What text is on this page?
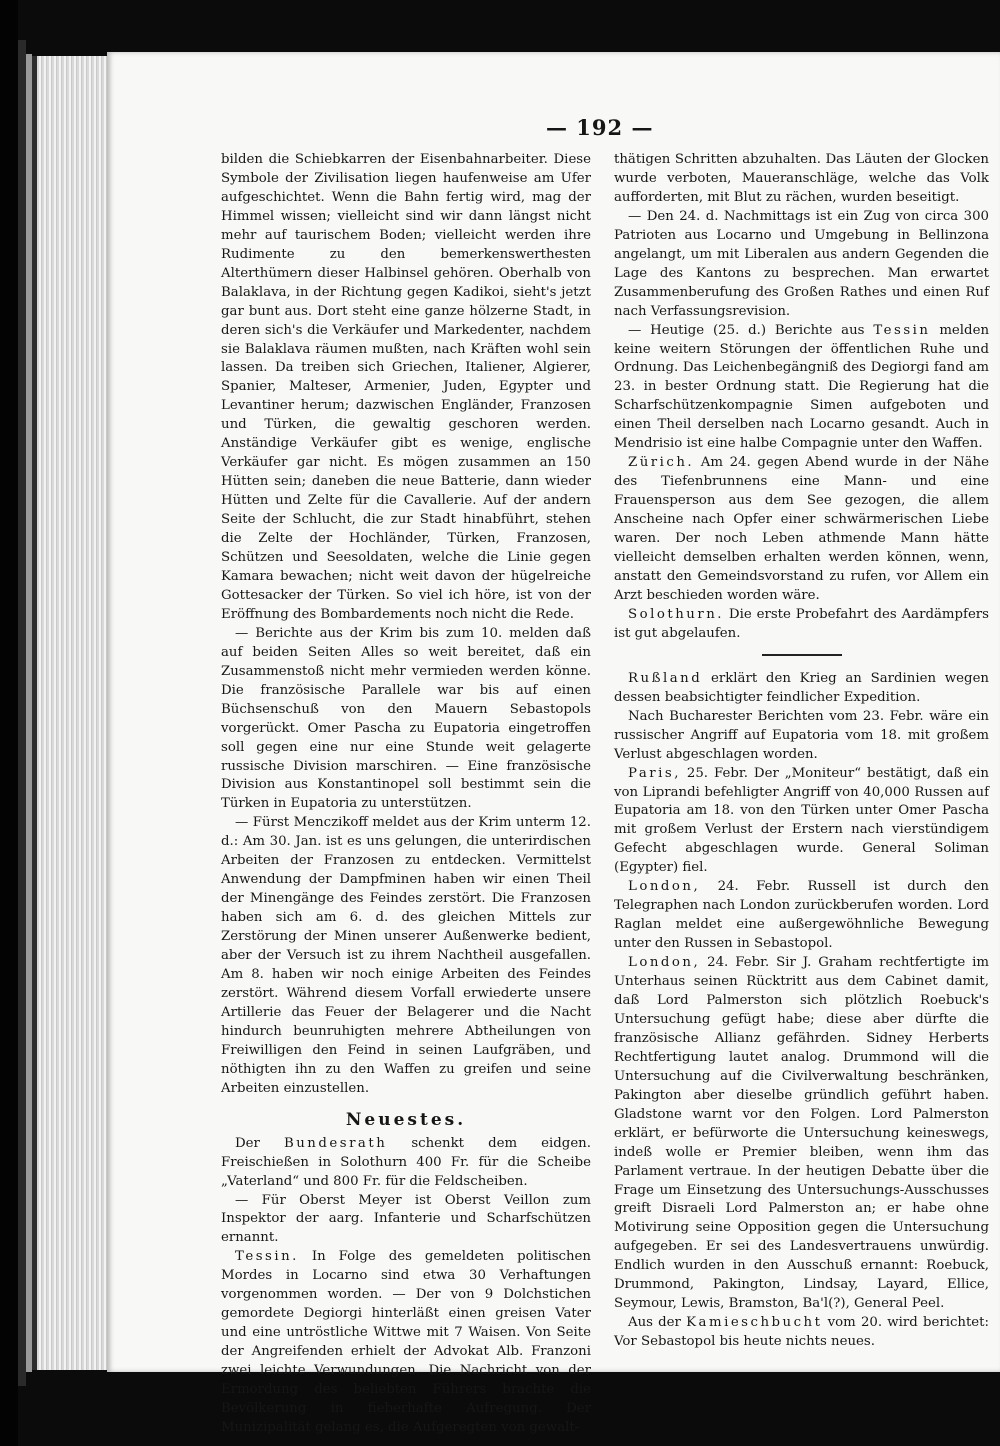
— 192 —

bilden die Schiebkarren der Eisenbahnarbeiter. Diese Symbole der Zivilisation liegen haufenweise am Ufer aufgeschichtet. Wenn die Bahn fertig wird, mag der Himmel wissen; vielleicht sind wir dann längst nicht mehr auf taurischem Boden; vielleicht werden ihre Rudimente zu den bemerkenswerthesten Alterthümern dieser Halbinsel gehören. Oberhalb von Balaklava, in der Richtung gegen Kadikoi, sieht's jetzt gar bunt aus. Dort steht eine ganze hölzerne Stadt, in deren sich's die Verkäufer und Markedenter, nachdem sie Balaklava räumen mußten, nach Kräften wohl sein lassen. Da treiben sich Griechen, Italiener, Algierer, Spanier, Malteser, Armenier, Juden, Egypter und Levantiner herum; dazwischen Engländer, Franzosen und Türken, die gewaltig geschoren werden. Anständige Verkäufer gibt es wenige, englische Verkäufer gar nicht. Es mögen zusammen an 150 Hütten sein; daneben die neue Batterie, dann wieder Hütten und Zelte für die Cavallerie. Auf der andern Seite der Schlucht, die zur Stadt hinabführt, stehen die Zelte der Hochländer, Türken, Franzosen, Schützen und Seesoldaten, welche die Linie gegen Kamara bewachen; nicht weit davon der hügelreiche Gottesacker der Türken. So viel ich höre, ist von der Eröffnung des Bombardements noch nicht die Rede.

— Berichte aus der Krim bis zum 10. melden daß auf beiden Seiten Alles so weit bereitet, daß ein Zusammenstoß nicht mehr vermieden werden könne. Die französische Parallele war bis auf einen Büchsenschuß von den Mauern Sebastopols vorgerückt. Omer Pascha zu Eupatoria eingetroffen soll gegen eine nur eine Stunde weit gelagerte russische Division marschiren. — Eine französische Division aus Konstantinopel soll bestimmt sein die Türken in Eupatoria zu unterstützen.

— Fürst Menczikoff meldet aus der Krim unterm 12. d.: Am 30. Jan. ist es uns gelungen, die unterirdischen Arbeiten der Franzosen zu entdecken. Vermittelst Anwendung der Dampfminen haben wir einen Theil der Minengänge des Feindes zerstört. Die Franzosen haben sich am 6. d. des gleichen Mittels zur Zerstörung der Minen unserer Außenwerke bedient, aber der Versuch ist zu ihrem Nachtheil ausgefallen. Am 8. haben wir noch einige Arbeiten des Feindes zerstört. Während diesem Vorfall erwiederte unsere Artillerie das Feuer der Belagerer und die Nacht hindurch beunruhigten mehrere Abtheilungen von Freiwilligen den Feind in seinen Laufgräben, und nöthigten ihn zu den Waffen zu greifen und seine Arbeiten einzustellen.

Neuestes.

Der Bundesrath schenkt dem eidgen. Freischießen in Solothurn 400 Fr. für die Scheibe „Vaterland“ und 800 Fr. für die Feldscheiben.

— Für Oberst Meyer ist Oberst Veillon zum Inspektor der aarg. Infanterie und Scharfschützen ernannt.

Tessin. In Folge des gemeldeten politischen Mordes in Locarno sind etwa 30 Verhaftungen vorgenommen worden. — Der von 9 Dolchstichen gemordete Degiorgi hinterläßt einen greisen Vater und eine untröstliche Wittwe mit 7 Waisen. Von Seite der Angreifenden erhielt der Advokat Alb. Franzoni zwei leichte Verwundungen. Die Nachricht von der Ermordung des beliebten Führers brachte die Bevölkerung in fieberhafte Aufregung. Der Munizipalität gelang es, die Aufgeregten von gewalt-

thätigen Schritten abzuhalten. Das Läuten der Glocken wurde verboten, Maueranschläge, welche das Volk aufforderten, mit Blut zu rächen, wurden beseitigt.

— Den 24. d. Nachmittags ist ein Zug von circa 300 Patrioten aus Locarno und Umgebung in Bellinzona angelangt, um mit Liberalen aus andern Gegenden die Lage des Kantons zu besprechen. Man erwartet Zusammenberufung des Großen Rathes und einen Ruf nach Verfassungsrevision.

— Heutige (25. d.) Berichte aus Tessin melden keine weitern Störungen der öffentlichen Ruhe und Ordnung. Das Leichenbegängniß des Degiorgi fand am 23. in bester Ordnung statt. Die Regierung hat die Scharfschützenkompagnie Simen aufgeboten und einen Theil derselben nach Locarno gesandt. Auch in Mendrisio ist eine halbe Compagnie unter den Waffen.

Zürich. Am 24. gegen Abend wurde in der Nähe des Tiefenbrunnens eine Mann- und eine Frauensperson aus dem See gezogen, die allem Anscheine nach Opfer einer schwärmerischen Liebe waren. Der noch Leben athmende Mann hätte vielleicht demselben erhalten werden können, wenn, anstatt den Gemeindsvorstand zu rufen, vor Allem ein Arzt beschieden worden wäre.

Solothurn. Die erste Probefahrt des Aardämpfers ist gut abgelaufen.

Rußland erklärt den Krieg an Sardinien wegen dessen beabsichtigter feindlicher Expedition.

Nach Bucharester Berichten vom 23. Febr. wäre ein russischer Angriff auf Eupatoria vom 18. mit großem Verlust abgeschlagen worden.

Paris, 25. Febr. Der „Moniteur“ bestätigt, daß ein von Liprandi befehligter Angriff von 40,000 Russen auf Eupatoria am 18. von den Türken unter Omer Pascha mit großem Verlust der Erstern nach vierstündigem Gefecht abgeschlagen wurde. General Soliman (Egypter) fiel.

London, 24. Febr. Russell ist durch den Telegraphen nach London zurückberufen worden. Lord Raglan meldet eine außergewöhnliche Bewegung unter den Russen in Sebastopol.

London, 24. Febr. Sir J. Graham rechtfertigte im Unterhaus seinen Rücktritt aus dem Cabinet damit, daß Lord Palmerston sich plötzlich Roebuck's Untersuchung gefügt habe; diese aber dürfte die französische Allianz gefährden. Sidney Herberts Rechtfertigung lautet analog. Drummond will die Untersuchung auf die Civilverwaltung beschränken, Pakington aber dieselbe gründlich geführt haben. Gladstone warnt vor den Folgen. Lord Palmerston erklärt, er befürworte die Untersuchung keineswegs, indeß wolle er Premier bleiben, wenn ihm das Parlament vertraue. In der heutigen Debatte über die Frage um Einsetzung des Untersuchungs-Ausschusses greift Disraeli Lord Palmerston an; er habe ohne Motivirung seine Opposition gegen die Untersuchung aufgegeben. Er sei des Landesvertrauens unwürdig. Endlich wurden in den Ausschuß ernannt: Roebuck, Drummond, Pakington, Lindsay, Layard, Ellice, Seymour, Lewis, Bramston, Ba'l(?), General Peel.

Aus der Kamieschbucht vom 20. wird berichtet: Vor Sebastopol bis heute nichts neues.
